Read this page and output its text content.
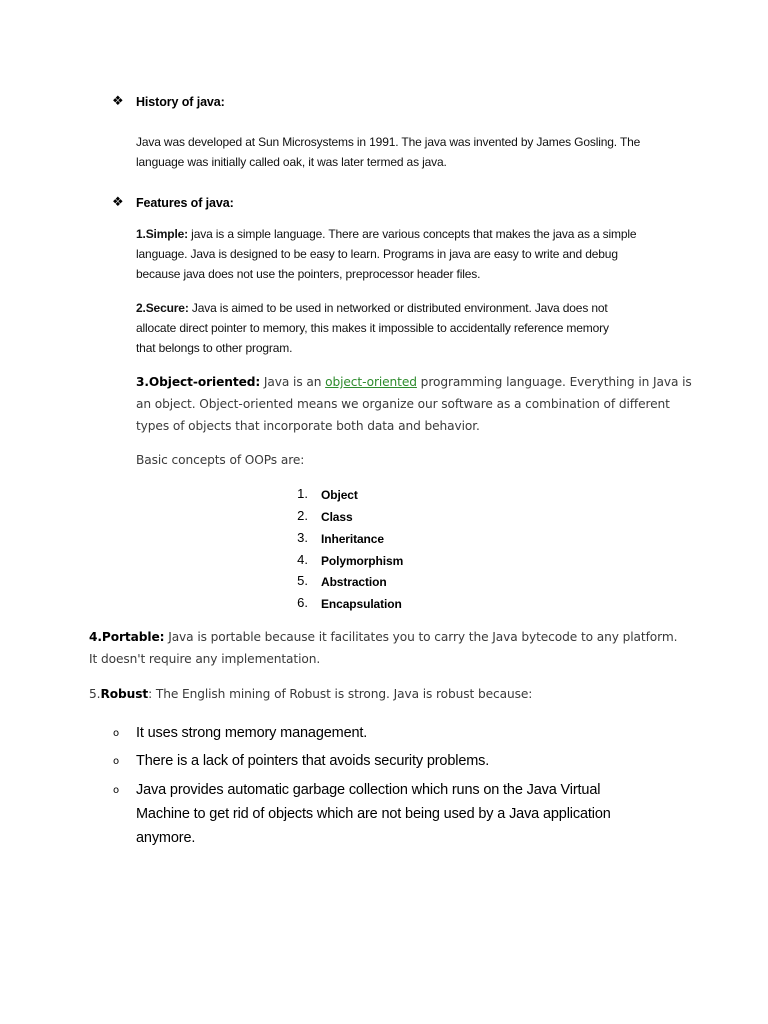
❖ History of java:
Java was developed at Sun Microsystems in 1991. The java was invented by James Gosling. The
language was initially called oak, it was later termed as java.
❖ Features of java:
1.Simple: java is a simple language. There are various concepts that makes the java as a simple
language. Java is designed to be easy to learn. Programs in java are easy to write and debug
because java does not use the pointers, preprocessor header files.
2.Secure: Java is aimed to be used in networked or distributed environment. Java does not
allocate direct pointer to memory, this makes it impossible to accidentally reference memory
that belongs to other program.
3.Object-oriented: Java is an object-oriented programming language. Everything in Java is
an object. Object-oriented means we organize our software as a combination of different
types of objects that incorporate both data and behavior.
Basic concepts of OOPs are:
1. Object
2. Class
3. Inheritance
4. Polymorphism
5. Abstraction
6. Encapsulation
4.Portable: Java is portable because it facilitates you to carry the Java bytecode to any platform.
It doesn't require any implementation.
5.Robust: The English mining of Robust is strong. Java is robust because:
o It uses strong memory management.
o There is a lack of pointers that avoids security problems.
o Java provides automatic garbage collection which runs on the Java Virtual
Machine to get rid of objects which are not being used by a Java application
anymore.
